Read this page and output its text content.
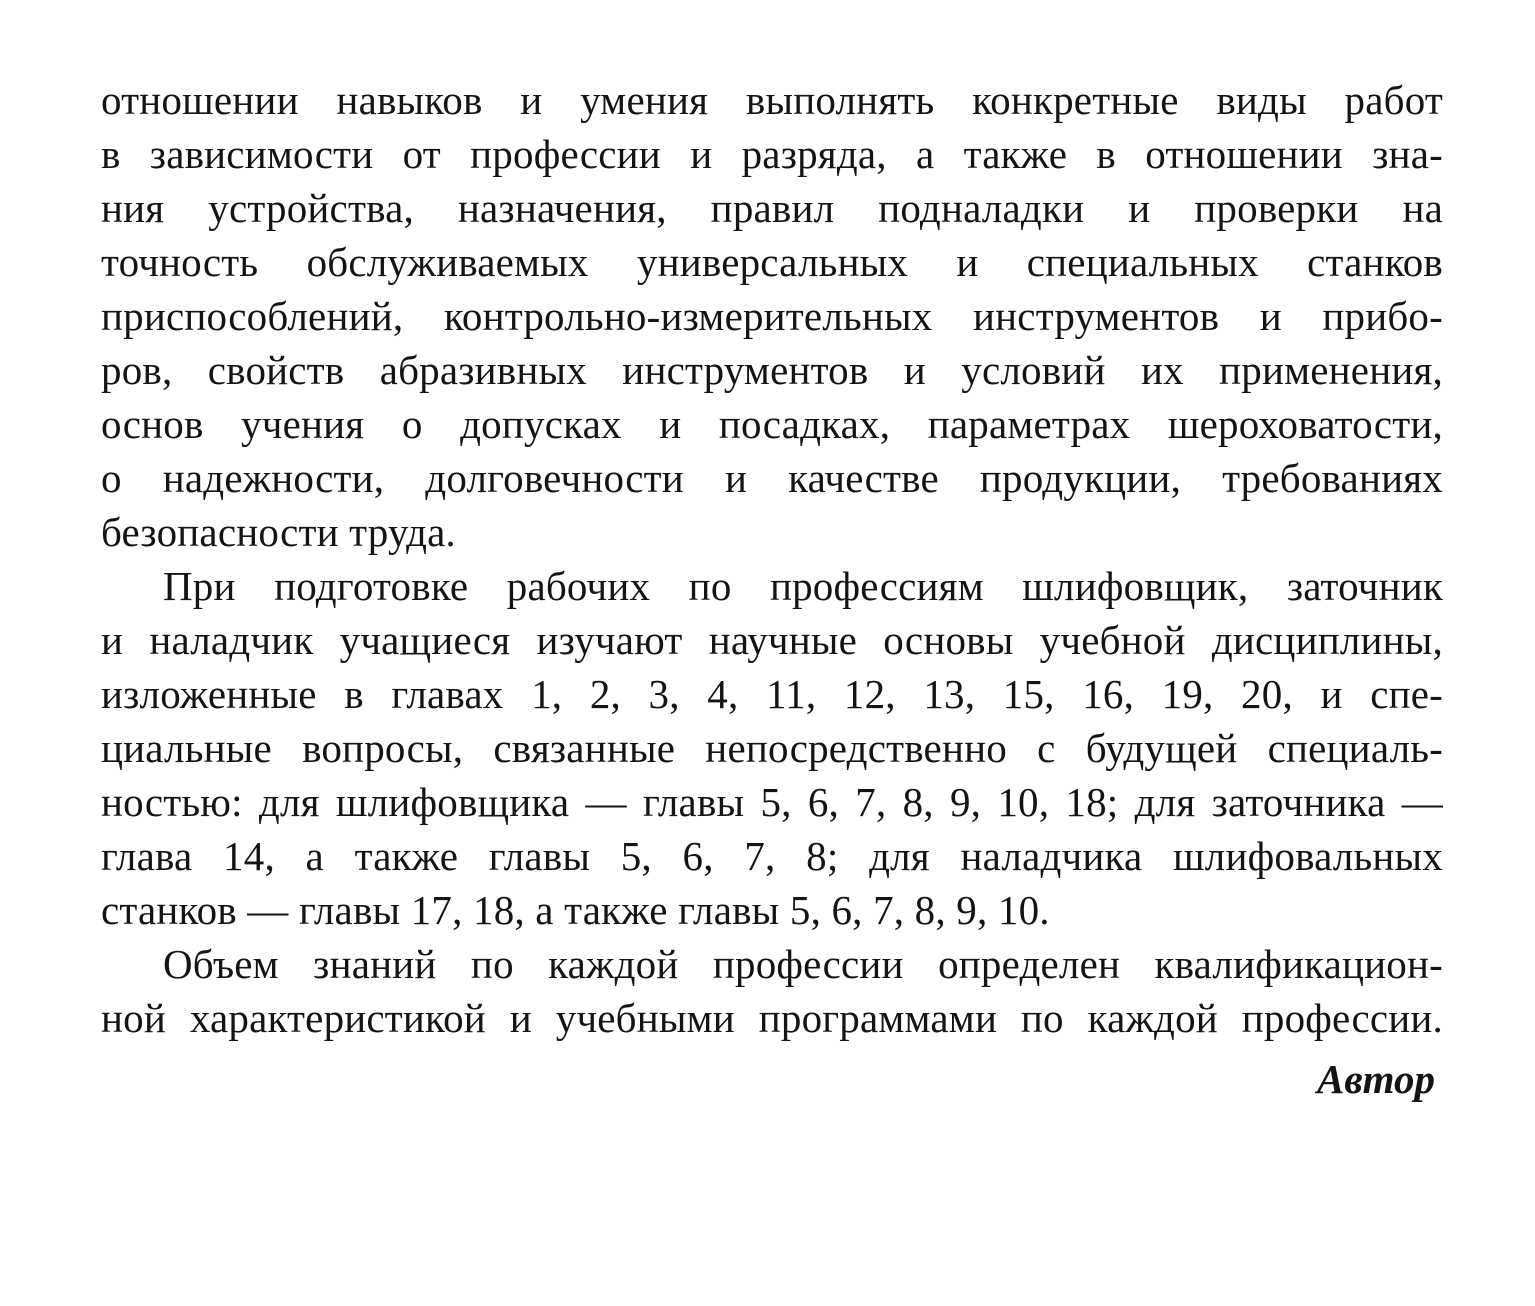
отношении навыков и умения выполнять конкретные виды работ
в зависимости от профессии и разряда, а также в отношении зна-
ния устройства, назначения, правил подналадки и проверки на
точность обслуживаемых универсальных и специальных станков
приспособлений, контрольно-измерительных инструментов и прибо-
ров, свойств абразивных инструментов и условий их применения,
основ учения о допусках и посадках, параметрах шероховатости,
о надежности, долговечности и качестве продукции, требованиях
безопасности труда.
При подготовке рабочих по профессиям шлифовщик, заточник
и наладчик учащиеся изучают научные основы учебной дисциплины,
изложенные в главах 1, 2, 3, 4, 11, 12, 13, 15, 16, 19, 20, и спе-
циальные вопросы, связанные непосредственно с будущей специаль-
ностью: для шлифовщика — главы 5, 6, 7, 8, 9, 10, 18; для заточника —
глава 14, а также главы 5, 6, 7, 8; для наладчика шлифовальных
станков — главы 17, 18, а также главы 5, 6, 7, 8, 9, 10.
Объем знаний по каждой профессии определен квалификацион-
ной характеристикой и учебными программами по каждой профессии.
Автор
